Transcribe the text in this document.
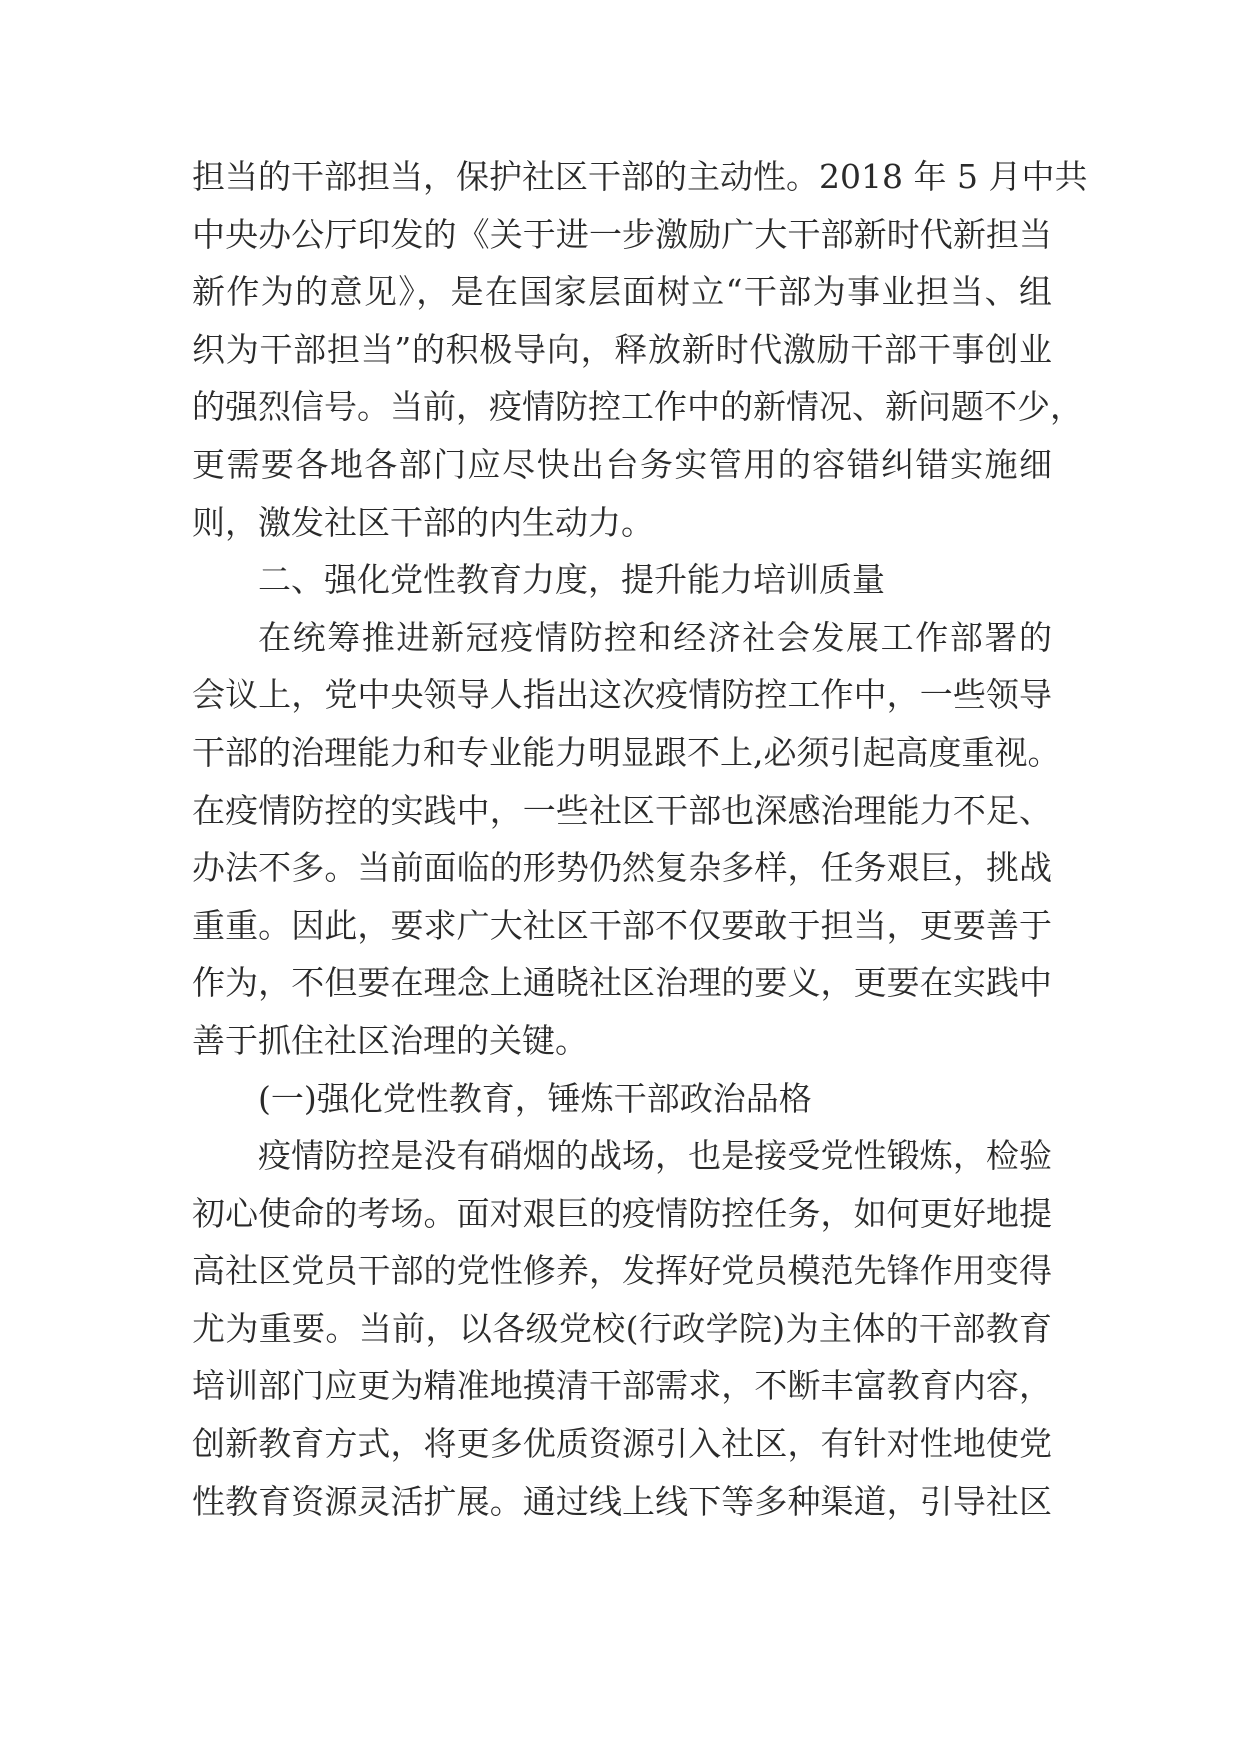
担当的干部担当，保护社区干部的主动性。2018 年 5 月中共
中央办公厅印发的《关于进一步激励广大干部新时代新担当
新作为的意见》，是在国家层面树立“干部为事业担当、组
织为干部担当”的积极导向，释放新时代激励干部干事创业
的强烈信号。当前，疫情防控工作中的新情况、新问题不少，
更需要各地各部门应尽快出台务实管用的容错纠错实施细
则，激发社区干部的内生动力。
二、强化党性教育力度，提升能力培训质量
在统筹推进新冠疫情防控和经济社会发展工作部署的
会议上，党中央领导人指出这次疫情防控工作中，一些领导
干部的治理能力和专业能力明显跟不上,必须引起高度重视。
在疫情防控的实践中，一些社区干部也深感治理能力不足、
办法不多。当前面临的形势仍然复杂多样，任务艰巨，挑战
重重。因此，要求广大社区干部不仅要敢于担当，更要善于
作为，不但要在理念上通晓社区治理的要义，更要在实践中
善于抓住社区治理的关键。
(一)强化党性教育，锤炼干部政治品格
疫情防控是没有硝烟的战场，也是接受党性锻炼，检验
初心使命的考场。面对艰巨的疫情防控任务，如何更好地提
高社区党员干部的党性修养，发挥好党员模范先锋作用变得
尤为重要。当前，以各级党校(行政学院)为主体的干部教育
培训部门应更为精准地摸清干部需求，不断丰富教育内容，
创新教育方式，将更多优质资源引入社区，有针对性地使党
性教育资源灵活扩展。通过线上线下等多种渠道，引导社区
